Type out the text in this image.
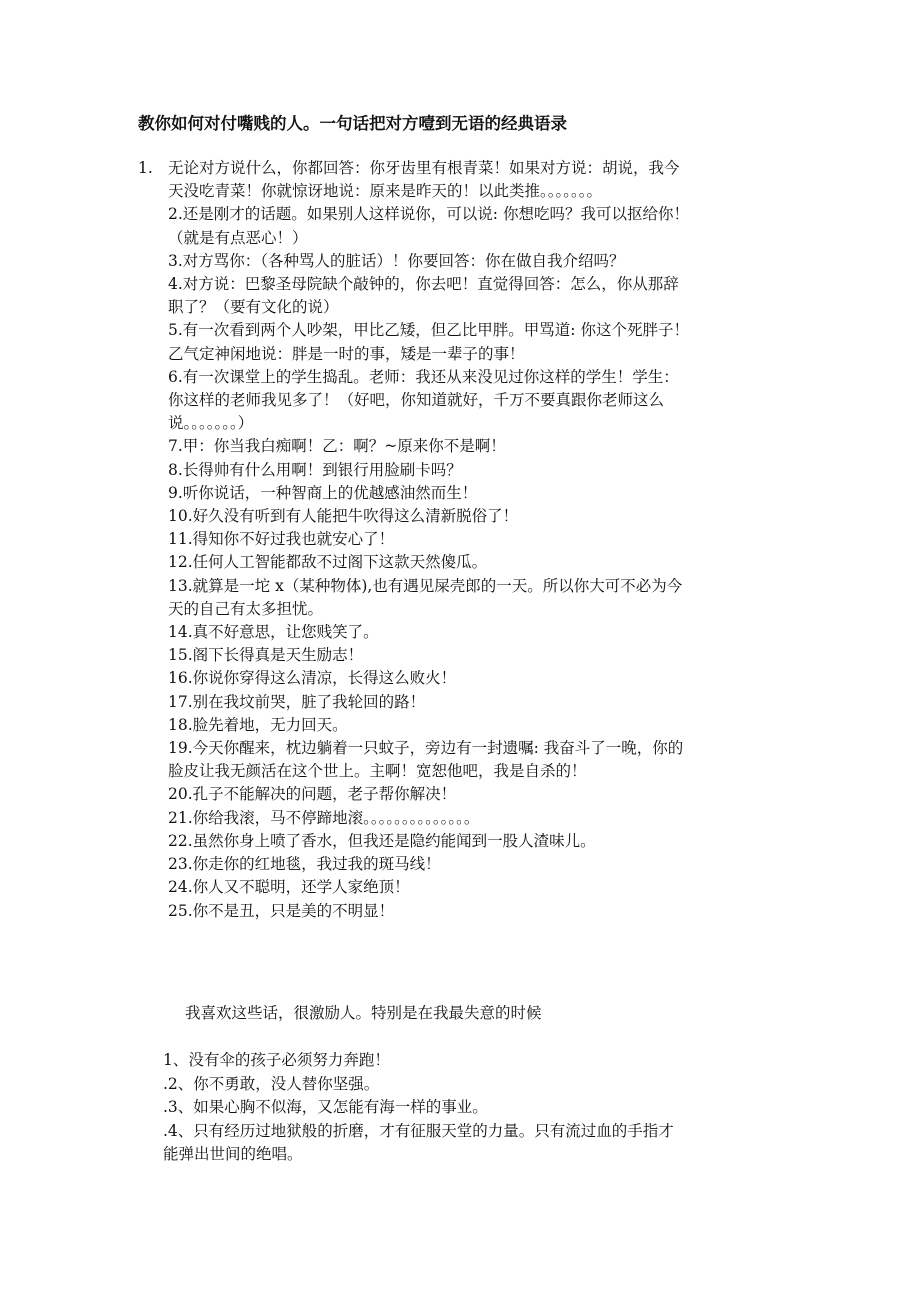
教你如何对付嘴贱的人。一句话把对方噎到无语的经典语录
1. 无论对方说什么，你都回答：你牙齿里有根青菜！如果对方说：胡说，我今
天没吃青菜！你就惊讶地说：原来是昨天的！以此类推。。。。。。。
2.还是刚才的话题。如果别人这样说你，可以说: 你想吃吗？我可以抠给你！
（就是有点恶心！）
3.对方骂你：（各种骂人的脏话）！你要回答：你在做自我介绍吗？
4.对方说：巴黎圣母院缺个敲钟的，你去吧！直觉得回答：怎么，你从那辞
职了？（要有文化的说）
5.有一次看到两个人吵架，甲比乙矮，但乙比甲胖。甲骂道: 你这个死胖子！
乙气定神闲地说：胖是一时的事，矮是一辈子的事！
6.有一次课堂上的学生捣乱。老师：我还从来没见过你这样的学生！学生：
你这样的老师我见多了！（好吧，你知道就好，千万不要真跟你老师这么
说。。。。。。。）
7.甲：你当我白痴啊！乙：啊？~原来你不是啊！
8.长得帅有什么用啊！到银行用脸刷卡吗？
9.听你说话，一种智商上的优越感油然而生！
10.好久没有听到有人能把牛吹得这么清新脱俗了！
11.得知你不好过我也就安心了！
12.任何人工智能都敌不过阁下这款天然傻瓜。
13.就算是一坨 x（某种物体),也有遇见屎壳郎的一天。所以你大可不必为今
天的自己有太多担忧。
14.真不好意思，让您贱笑了。
15.阁下长得真是天生励志！
16.你说你穿得这么清凉，长得这么败火！
17.别在我坟前哭，脏了我轮回的路！
18.脸先着地，无力回天。
19.今天你醒来，枕边躺着一只蚊子，旁边有一封遗嘱: 我奋斗了一晚，你的
脸皮让我无颜活在这个世上。主啊！宽恕他吧，我是自杀的！
20.孔子不能解决的问题，老子帮你解决！
21.你给我滚，马不停蹄地滚。。。。。。。。。。。。。。
22.虽然你身上喷了香水，但我还是隐约能闻到一股人渣味儿。
23.你走你的红地毯，我过我的斑马线！
24.你人又不聪明，还学人家绝顶！
25.你不是丑，只是美的不明显！
我喜欢这些话，很激励人。特别是在我最失意的时候
1、没有伞的孩子必须努力奔跑！
.2、你不勇敢，没人替你坚强。
.3、如果心胸不似海，又怎能有海一样的事业。
.4、只有经历过地狱般的折磨，才有征服天堂的力量。只有流过血的手指才
能弹出世间的绝唱。
